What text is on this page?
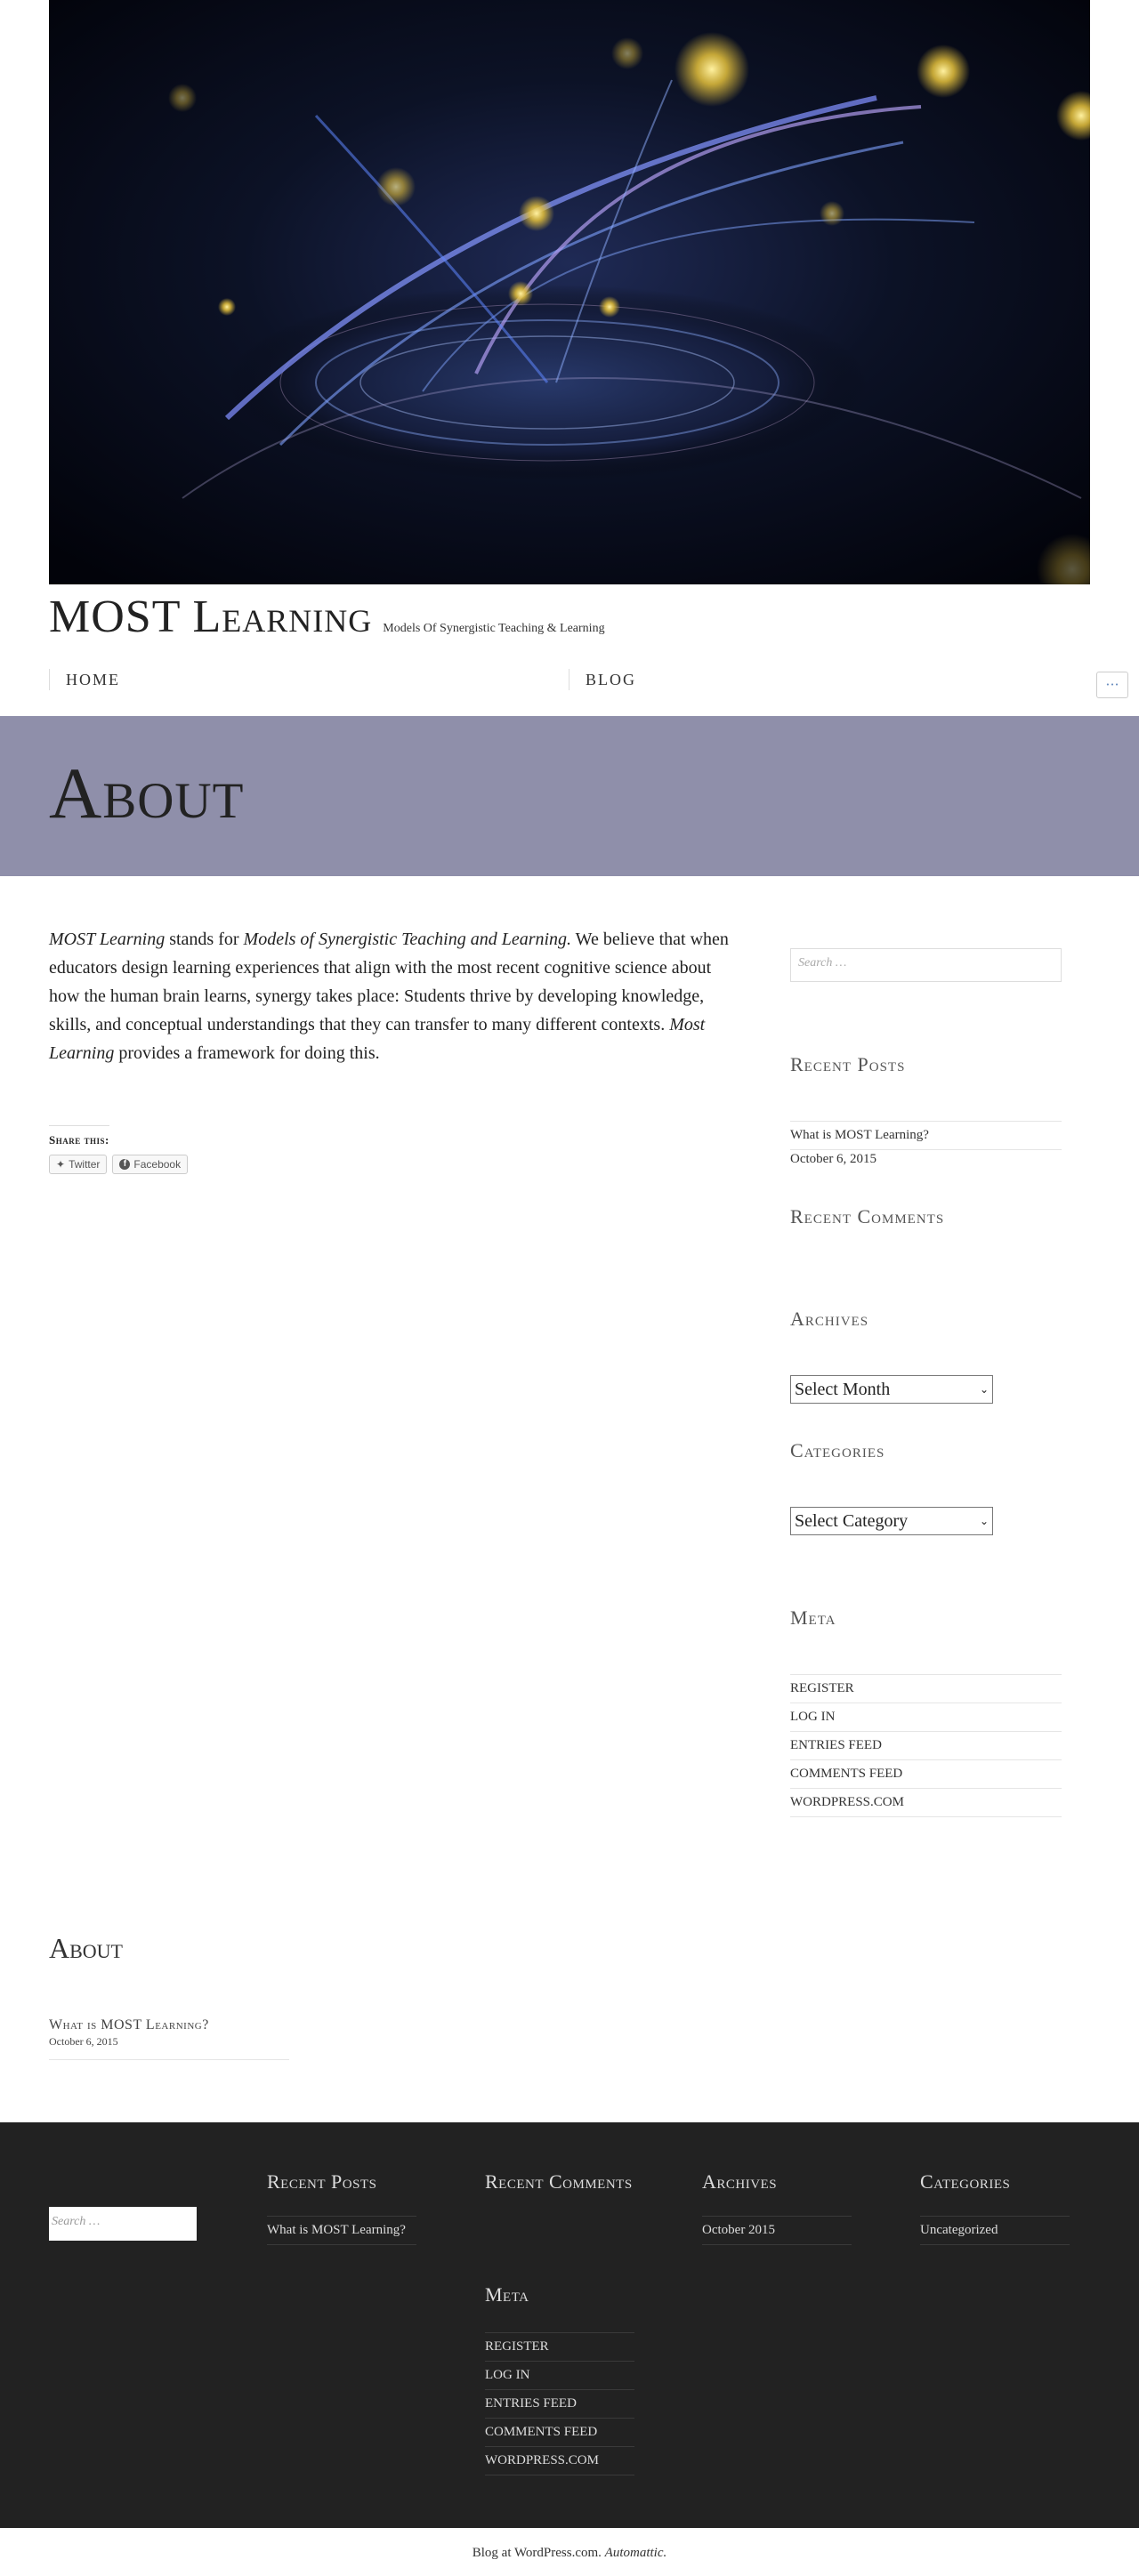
MOST Learning Models Of Synergistic Teaching & Learning
HOME	BLOG	···
About

MOST Learning stands for Models of Synergistic Teaching and Learning. We believe that when educators design learning experiences that align with the most recent cognitive science about how the human brain learns, synergy takes place: Students thrive by developing knowledge, skills, and conceptual understandings that they can transfer to many different contexts. Most Learning provides a framework for doing this.

Share this:
✦ Twitter	f Facebook
Search …
Recent Posts
What is MOST Learning?
October 6, 2015
Recent Comments
Archives
Select Month	⌄
Categories
Select Category	⌄
Meta
REGISTER
LOG IN
ENTRIES FEED
COMMENTS FEED
WORDPRESS.COM
About
What is MOST Learning?
October 6, 2015
Search …
Recent Posts
What is MOST Learning?
Recent Comments	Archives
October 2015
Categories
Uncategorized
Meta
REGISTER
LOG IN
ENTRIES FEED
COMMENTS FEED
WORDPRESS.COM
Blog at WordPress.com. Automattic.
